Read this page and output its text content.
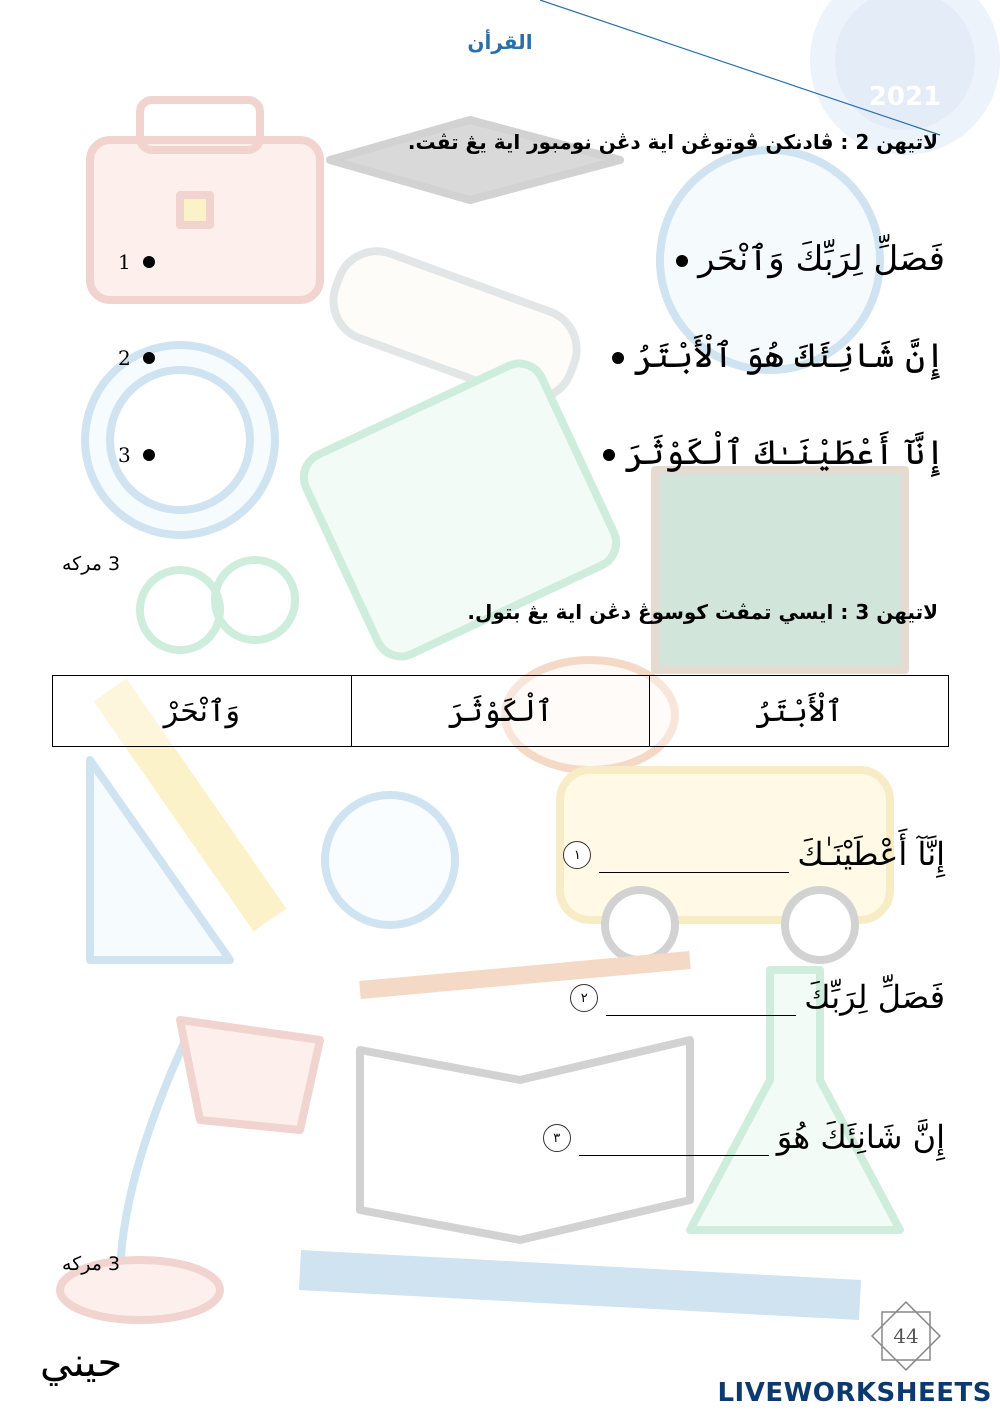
القرأن
2021
لاتيهن 2 : ڤادنكن ڤوتوڠن اية دڠن نومبور اية يڠ تڤت.
فَصَلِّ لِرَبِّكَ وَٱنْحَر
إِنَّ شَانِئَكَ هُوَ ٱلْأَبْتَرُ
إِنَّآ أَعْطَيْنَـٰكَ ٱلْكَوْثَرَ
1
2
3
3 مركه
لاتيهن 3 : ايسي تمڤت كوسوڠ دڠن اية يڠ بتول.
ٱلْأَبْتَرُ	ٱلْكَوْثَرَ	وَٱنْحَرْ
إِنَّآ أَعْطَيْنَـٰكَ
١
فَصَلِّ لِرَبِّكَ
٢
إِنَّ شَانِئَكَ هُوَ
٣
3 مركه
حيني
44
LIVEWORKSHEETS
